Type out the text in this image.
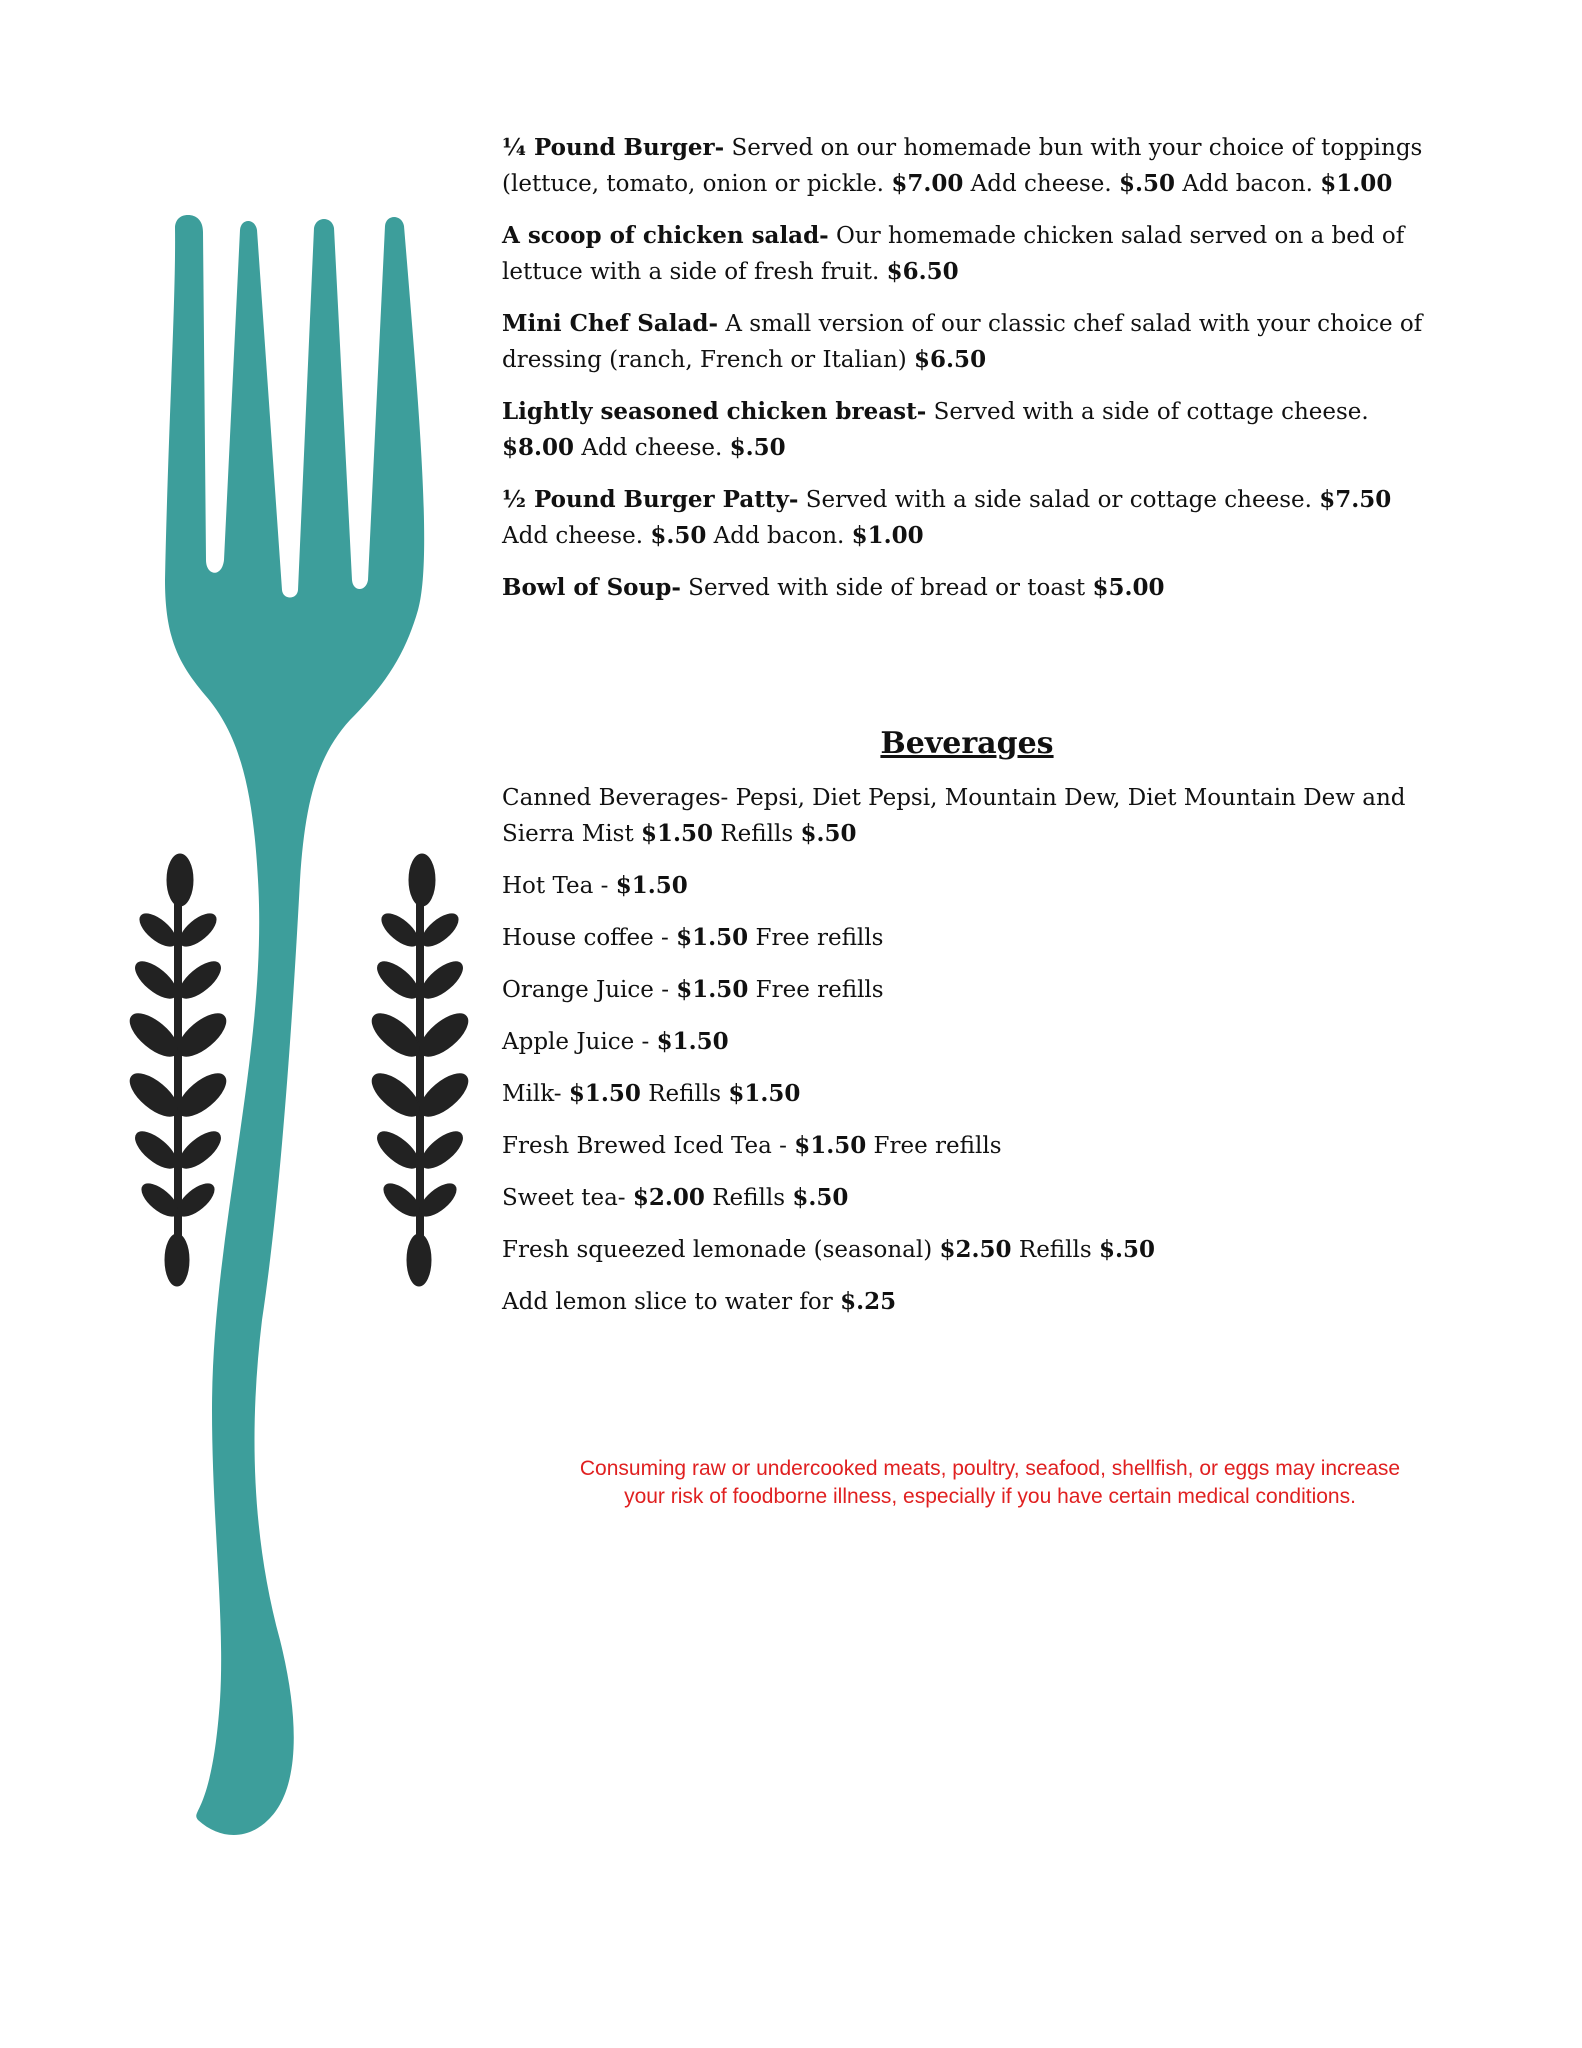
¼ Pound Burger- Served on our homemade bun with your choice of toppings (lettuce, tomato, onion or pickle. $7.00 Add cheese. $.50 Add bacon. $1.00

A scoop of chicken salad- Our homemade chicken salad served on a bed of lettuce with a side of fresh fruit. $6.50

Mini Chef Salad- A small version of our classic chef salad with your choice of dressing (ranch, French or Italian) $6.50

Lightly seasoned chicken breast- Served with a side of cottage cheese. $8.00 Add cheese. $.50

½ Pound Burger Patty- Served with a side salad or cottage cheese. $7.50 Add cheese. $.50 Add bacon. $1.00

Bowl of Soup- Served with side of bread or toast $5.00

Beverages

Canned Beverages- Pepsi, Diet Pepsi, Mountain Dew, Diet Mountain Dew and Sierra Mist $1.50 Refills $.50

Hot Tea - $1.50

House coffee - $1.50 Free refills

Orange Juice - $1.50 Free refills

Apple Juice - $1.50

Milk- $1.50 Refills $1.50

Fresh Brewed Iced Tea - $1.50 Free refills

Sweet tea- $2.00 Refills $.50

Fresh squeezed lemonade (seasonal) $2.50 Refills $.50

Add lemon slice to water for $.25

Consuming raw or undercooked meats, poultry, seafood, shellfish, or eggs may increase
your risk of foodborne illness, especially if you have certain medical conditions.
